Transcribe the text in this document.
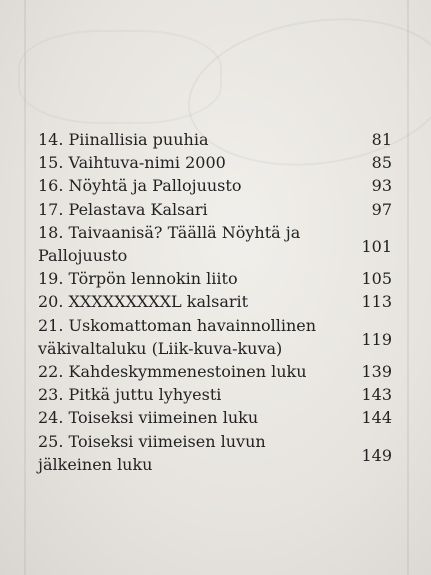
14. Piinallisia puuhia	81
15. Vaihtuva-nimi 2000	85
16. Nöyhtä ja Pallojuusto	93
17. Pelastava Kalsari	97
18. Taivaanisä? Täällä Nöyhtä ja Pallojuusto	101
19. Törpön lennokin liito	105
20. XXXXXXXXXL kalsarit	113
21. Uskomattoman havainnollinen väkivaltaluku (Liik-kuva-kuva)	119
22. Kahdeskymmenestoinen luku	139
23. Pitkä juttu lyhyesti	143
24. Toiseksi viimeinen luku	144
25. Toiseksi viimeisen luvun jälkeinen luku	149
